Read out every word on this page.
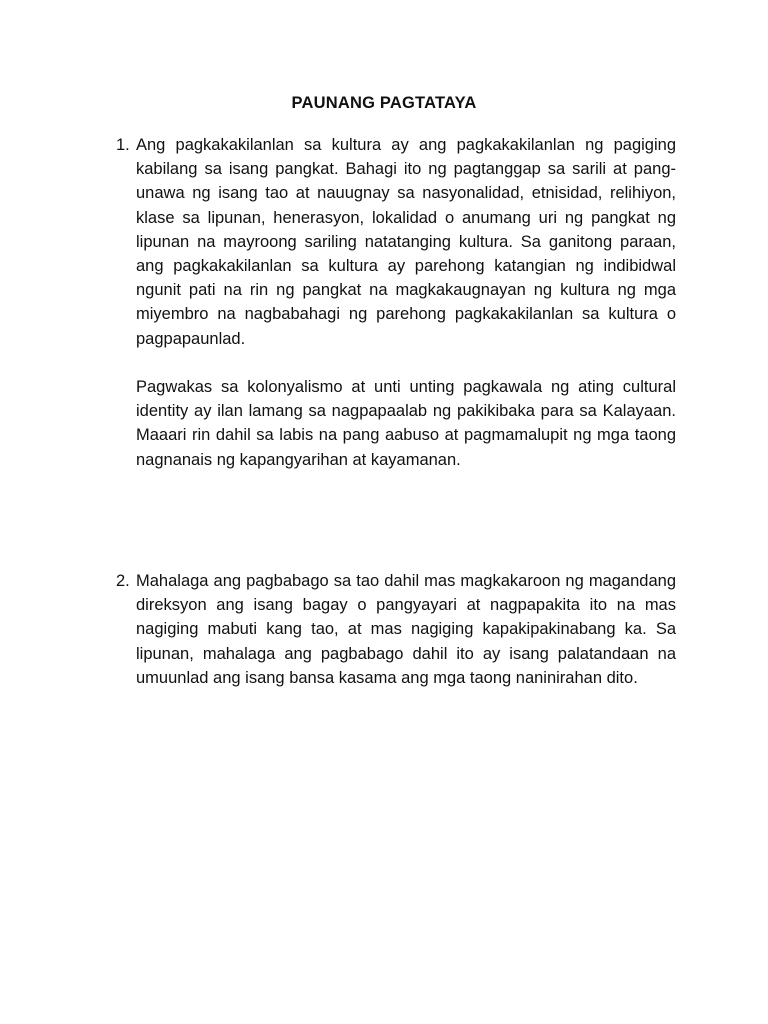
PAUNANG PAGTATAYA
1. Ang pagkakakilanlan sa kultura ay ang pagkakakilanlan ng pagiging kabilang sa isang pangkat. Bahagi ito ng pagtanggap sa sarili at pang-unawa ng isang tao at nauugnay sa nasyonalidad, etnisidad, relihiyon, klase sa lipunan, henerasyon, lokalidad o anumang uri ng pangkat ng lipunan na mayroong sariling natatanging kultura. Sa ganitong paraan, ang pagkakakilanlan sa kultura ay parehong katangian ng indibidwal ngunit pati na rin ng pangkat na magkakaugnayan ng kultura ng mga miyembro na nagbabahagi ng parehong pagkakakilanlan sa kultura o pagpapaunlad.

Pagwakas sa kolonyalismo at unti unting pagkawala ng ating cultural identity ay ilan lamang sa nagpapaalab ng pakikibaka para sa Kalayaan. Maaari rin dahil sa labis na pang aabuso at pagmamalupit ng mga taong nagnanais ng kapangyarihan at kayamanan.

2. Mahalaga ang pagbabago sa tao dahil mas magkakaroon ng magandang direksyon ang isang bagay o pangyayari at nagpapakita ito na mas nagiging mabuti kang tao, at mas nagiging kapakipakinabang ka. Sa lipunan, mahalaga ang pagbabago dahil ito ay isang palatandaan na umuunlad ang isang bansa kasama ang mga taong naninirahan dito.
